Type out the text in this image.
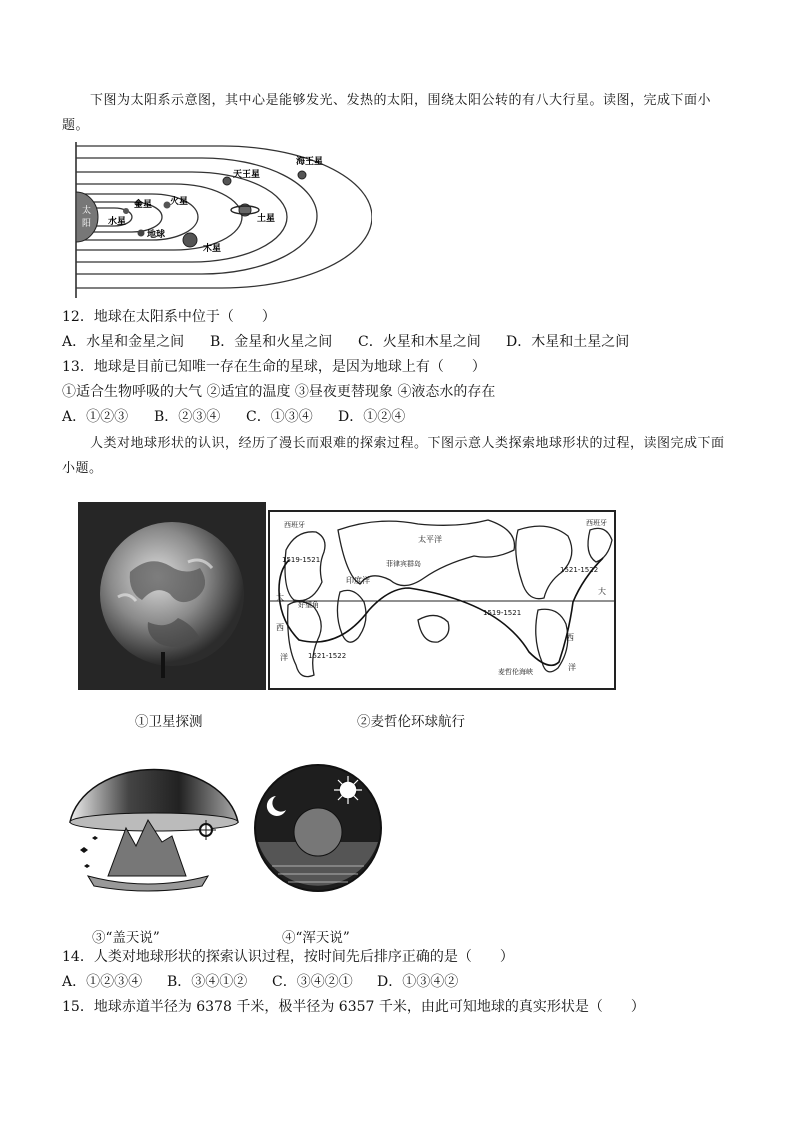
下图为太阳系示意图，其中心是能够发光、发热的太阳，围绕太阳公转的有八大行星。读图，完成下面小题。
太
阳 水星
金星
地球
火星
木星
土星
天王星
海王星
12．地球在太阳系中位于（　　）
A．水星和金星之间 B．金星和火星之间 C．火星和木星之间 D．木星和土星之间
13．地球是目前已知唯一存在生命的星球，是因为地球上有（　　）
①适合生物呼吸的大气 ②适宜的温度 ③昼夜更替现象 ④液态水的存在
A．①②③ B．②③④ C．①③④ D．①②④
人类对地球形状的认识，经历了漫长而艰难的探索过程。下图示意人类探索地球形状的过程，读图完成下面小题。
西班牙	西班牙
太平洋
印度洋
菲律宾群岛
好望角
麦哲伦海峡
1519-1521
1521-1522
1519-1521
1521-1522
大
西
洋
大
西
洋
①卫星探测	②麦哲伦环球航行
③“盖天说”	④“浑天说”
14．人类对地球形状的探索认识过程，按时间先后排序正确的是（　　）
A．①②③④ B．③④①② C．③④②① D．①③④②
15．地球赤道半径为 6378 千米，极半径为 6357 千米，由此可知地球的真实形状是（　　）
